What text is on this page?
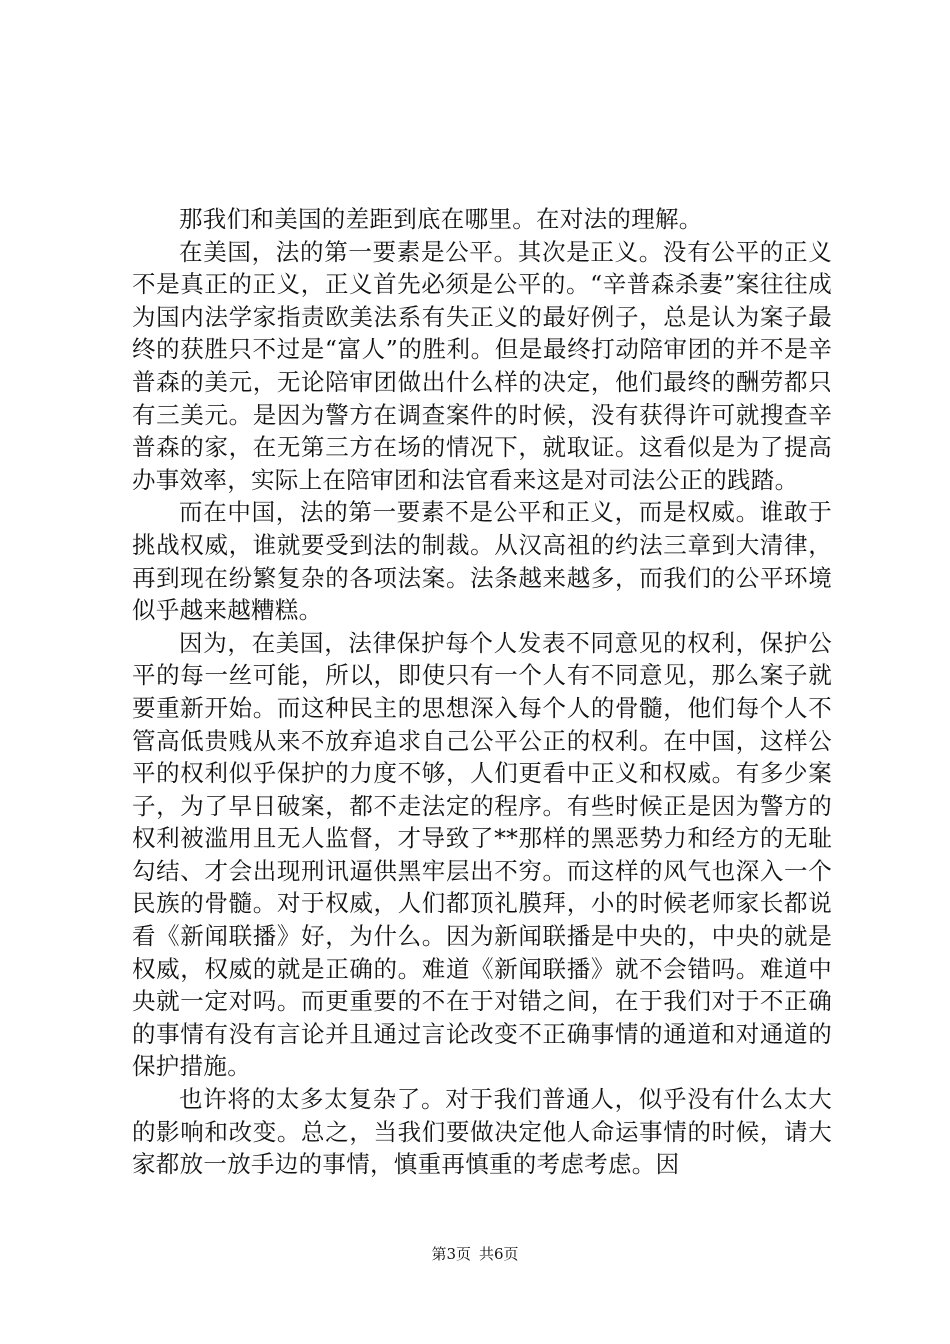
那我们和美国的差距到底在哪里。在对法的理解。

在美国，法的第一要素是公平。其次是正义。没有公平的正义不是真正的正义，正义首先必须是公平的。“辛普森杀妻”案往往成为国内法学家指责欧美法系有失正义的最好例子，总是认为案子最终的获胜只不过是“富人”的胜利。但是最终打动陪审团的并不是辛普森的美元，无论陪审团做出什么样的决定，他们最终的酬劳都只有三美元。是因为警方在调查案件的时候，没有获得许可就搜查辛普森的家，在无第三方在场的情况下，就取证。这看似是为了提高办事效率，实际上在陪审团和法官看来这是对司法公正的践踏。

而在中国，法的第一要素不是公平和正义，而是权威。谁敢于挑战权威，谁就要受到法的制裁。从汉高祖的约法三章到大清律，再到现在纷繁复杂的各项法案。法条越来越多，而我们的公平环境似乎越来越糟糕。

因为，在美国，法律保护每个人发表不同意见的权利，保护公平的每一丝可能，所以，即使只有一个人有不同意见，那么案子就要重新开始。而这种民主的思想深入每个人的骨髓，他们每个人不管高低贵贱从来不放弃追求自己公平公正的权利。在中国，这样公平的权利似乎保护的力度不够，人们更看中正义和权威。有多少案子，为了早日破案，都不走法定的程序。有些时候正是因为警方的权利被滥用且无人监督，才导致了**那样的黑恶势力和经方的无耻勾结、才会出现刑讯逼供黑牢层出不穷。而这样的风气也深入一个民族的骨髓。对于权威，人们都顶礼膜拜，小的时候老师家长都说看《新闻联播》好，为什么。因为新闻联播是中央的，中央的就是权威，权威的就是正确的。难道《新闻联播》就不会错吗。难道中央就一定对吗。而更重要的不在于对错之间，在于我们对于不正确的事情有没有言论并且通过言论改变不正确事情的通道和对通道的保护措施。

也许将的太多太复杂了。对于我们普通人，似乎没有什么太大的影响和改变。总之，当我们要做决定他人命运事情的时候，请大家都放一放手边的事情，慎重再慎重的考虑考虑。因

第3页 共6页
